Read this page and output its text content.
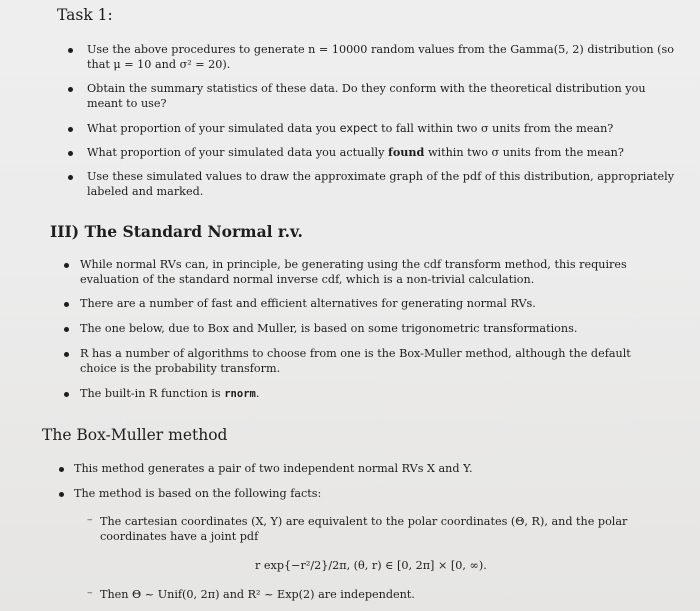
Task 1:
Use the above procedures to generate n = 10000 random values from the Gamma(5, 2) distribution (so
that μ = 10 and σ² = 20).
Obtain the summary statistics of these data. Do they conform with the theoretical distribution you
meant to use?
What proportion of your simulated data you expect to fall within two σ units from the mean?
What proportion of your simulated data you actually found within two σ units from the mean?
Use these simulated values to draw the approximate graph of the pdf of this distribution, appropriately
labeled and marked.
III) The Standard Normal r.v.
While normal RVs can, in principle, be generating using the cdf transform method, this requires
evaluation of the standard normal inverse cdf, which is a non-trivial calculation.
There are a number of fast and efficient alternatives for generating normal RVs.
The one below, due to Box and Muller, is based on some trigonometric transformations.
R has a number of algorithms to choose from one is the Box-Muller method, although the default
choice is the probability transform.
The built-in R function is rnorm.
The Box-Muller method
This method generates a pair of two independent normal RVs X and Y.
The method is based on the following facts:
– The cartesian coordinates (X, Y) are equivalent to the polar coordinates (Θ, R), and the polar
coordinates have a joint pdf
r exp{−r²/2}/2π, (θ, r) ∈ [0, 2π] × [0, ∞).
– Then Θ ~ Unif(0, 2π) and R² ~ Exp(2) are independent.
